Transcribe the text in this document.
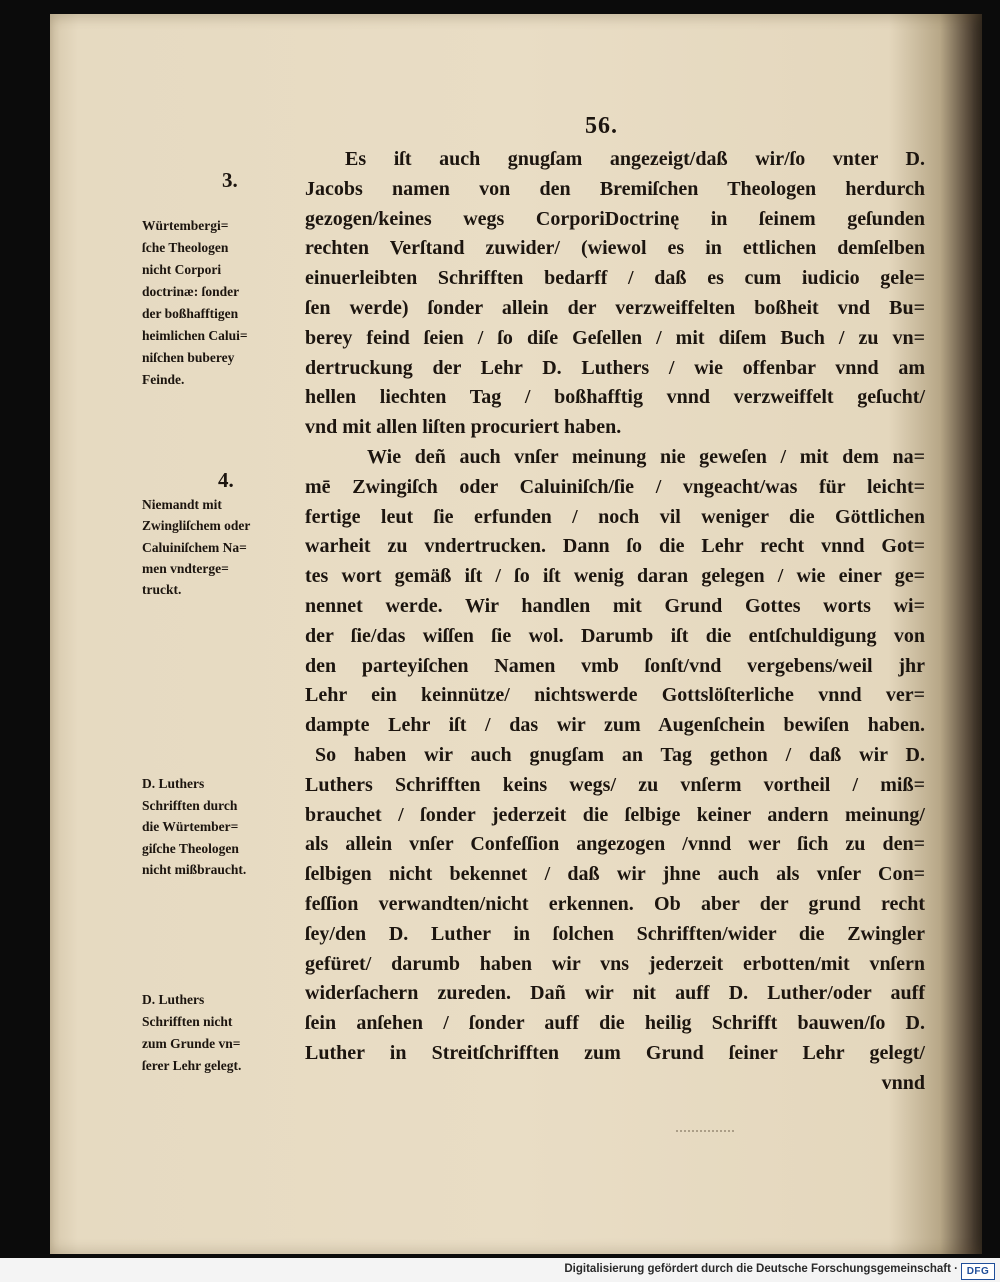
56.
3.
Würtembergi=
ſche Theologen
nicht Corpori
doctrinæ: ſonder
der boßhafftigen
heimlichen Calui=
niſchen buberey
Feinde.
4.
Niemandt mit
Zwingliſchem oder
Caluiniſchem Na=
men vndterge=
truckt.
D. Luthers
Schrifften durch
die Würtember=
giſche Theologen
nicht mißbraucht.
D. Luthers
Schrifften nicht
zum Grunde vn=
ſerer Lehr gelegt.
Es iſt auch gnugſam angezeigt/daß wir/ſo vnter D.
Jacobs namen von den Bremiſchen Theologen herdurch
gezogen/keines wegs CorporiDoctrinę in ſeinem geſunden
rechten Verſtand zuwider/ (wiewol es in ettlichen demſelben
einuerleibten Schrifften bedarff / daß es cum iudicio gele=
ſen werde) ſonder allein der verzweiffelten boßheit vnd Bu=
berey feind ſeien / ſo diſe Geſellen / mit diſem Buch / zu vn=
dertruckung der Lehr D. Luthers / wie offenbar vnnd am
hellen liechten Tag / boßhafftig vnnd verzweiffelt geſucht/
vnd mit allen liſten procuriert haben.
Wie deñ auch vnſer meinung nie geweſen / mit dem na=
mē Zwingiſch oder Caluiniſch/ſie / vngeacht/was für leicht=
fertige leut ſie erfunden / noch vil weniger die Göttlichen
warheit zu vndertrucken. Dann ſo die Lehr recht vnnd Got=
tes wort gemäß iſt / ſo iſt wenig daran gelegen / wie einer ge=
nennet werde. Wir handlen mit Grund Gottes worts wi=
der ſie/das wiſſen ſie wol. Darumb iſt die entſchuldigung von
den parteyiſchen Namen vmb ſonſt/vnd vergebens/weil jhr
Lehr ein keinnütze/ nichtswerde Gottslöſterliche vnnd ver=
dampte Lehr iſt / das wir zum Augenſchein bewiſen haben.
So haben wir auch gnugſam an Tag gethon / daß wir D.
Luthers Schrifften keins wegs/ zu vnſerm vortheil / miß=
brauchet / ſonder jederzeit die ſelbige keiner andern meinung/
als allein vnſer Confeſſion angezogen /vnnd wer ſich zu den=
ſelbigen nicht bekennet / daß wir jhne auch als vnſer Con=
feſſion verwandten/nicht erkennen. Ob aber der grund recht
ſey/den D. Luther in ſolchen Schrifften/wider die Zwingler
gefüret/ darumb haben wir vns jederzeit erbotten/mit vnſern
widerſachern zureden. Dañ wir nit auff D. Luther/oder auff
ſein anſehen / ſonder auff die heilig Schrifft bauwen/ſo D.
Luther in Streitſchrifften zum Grund ſeiner Lehr gelegt/
vnnd
Digitalisierung gefördert durch die Deutsche Forschungsgemeinschaft · DFG
